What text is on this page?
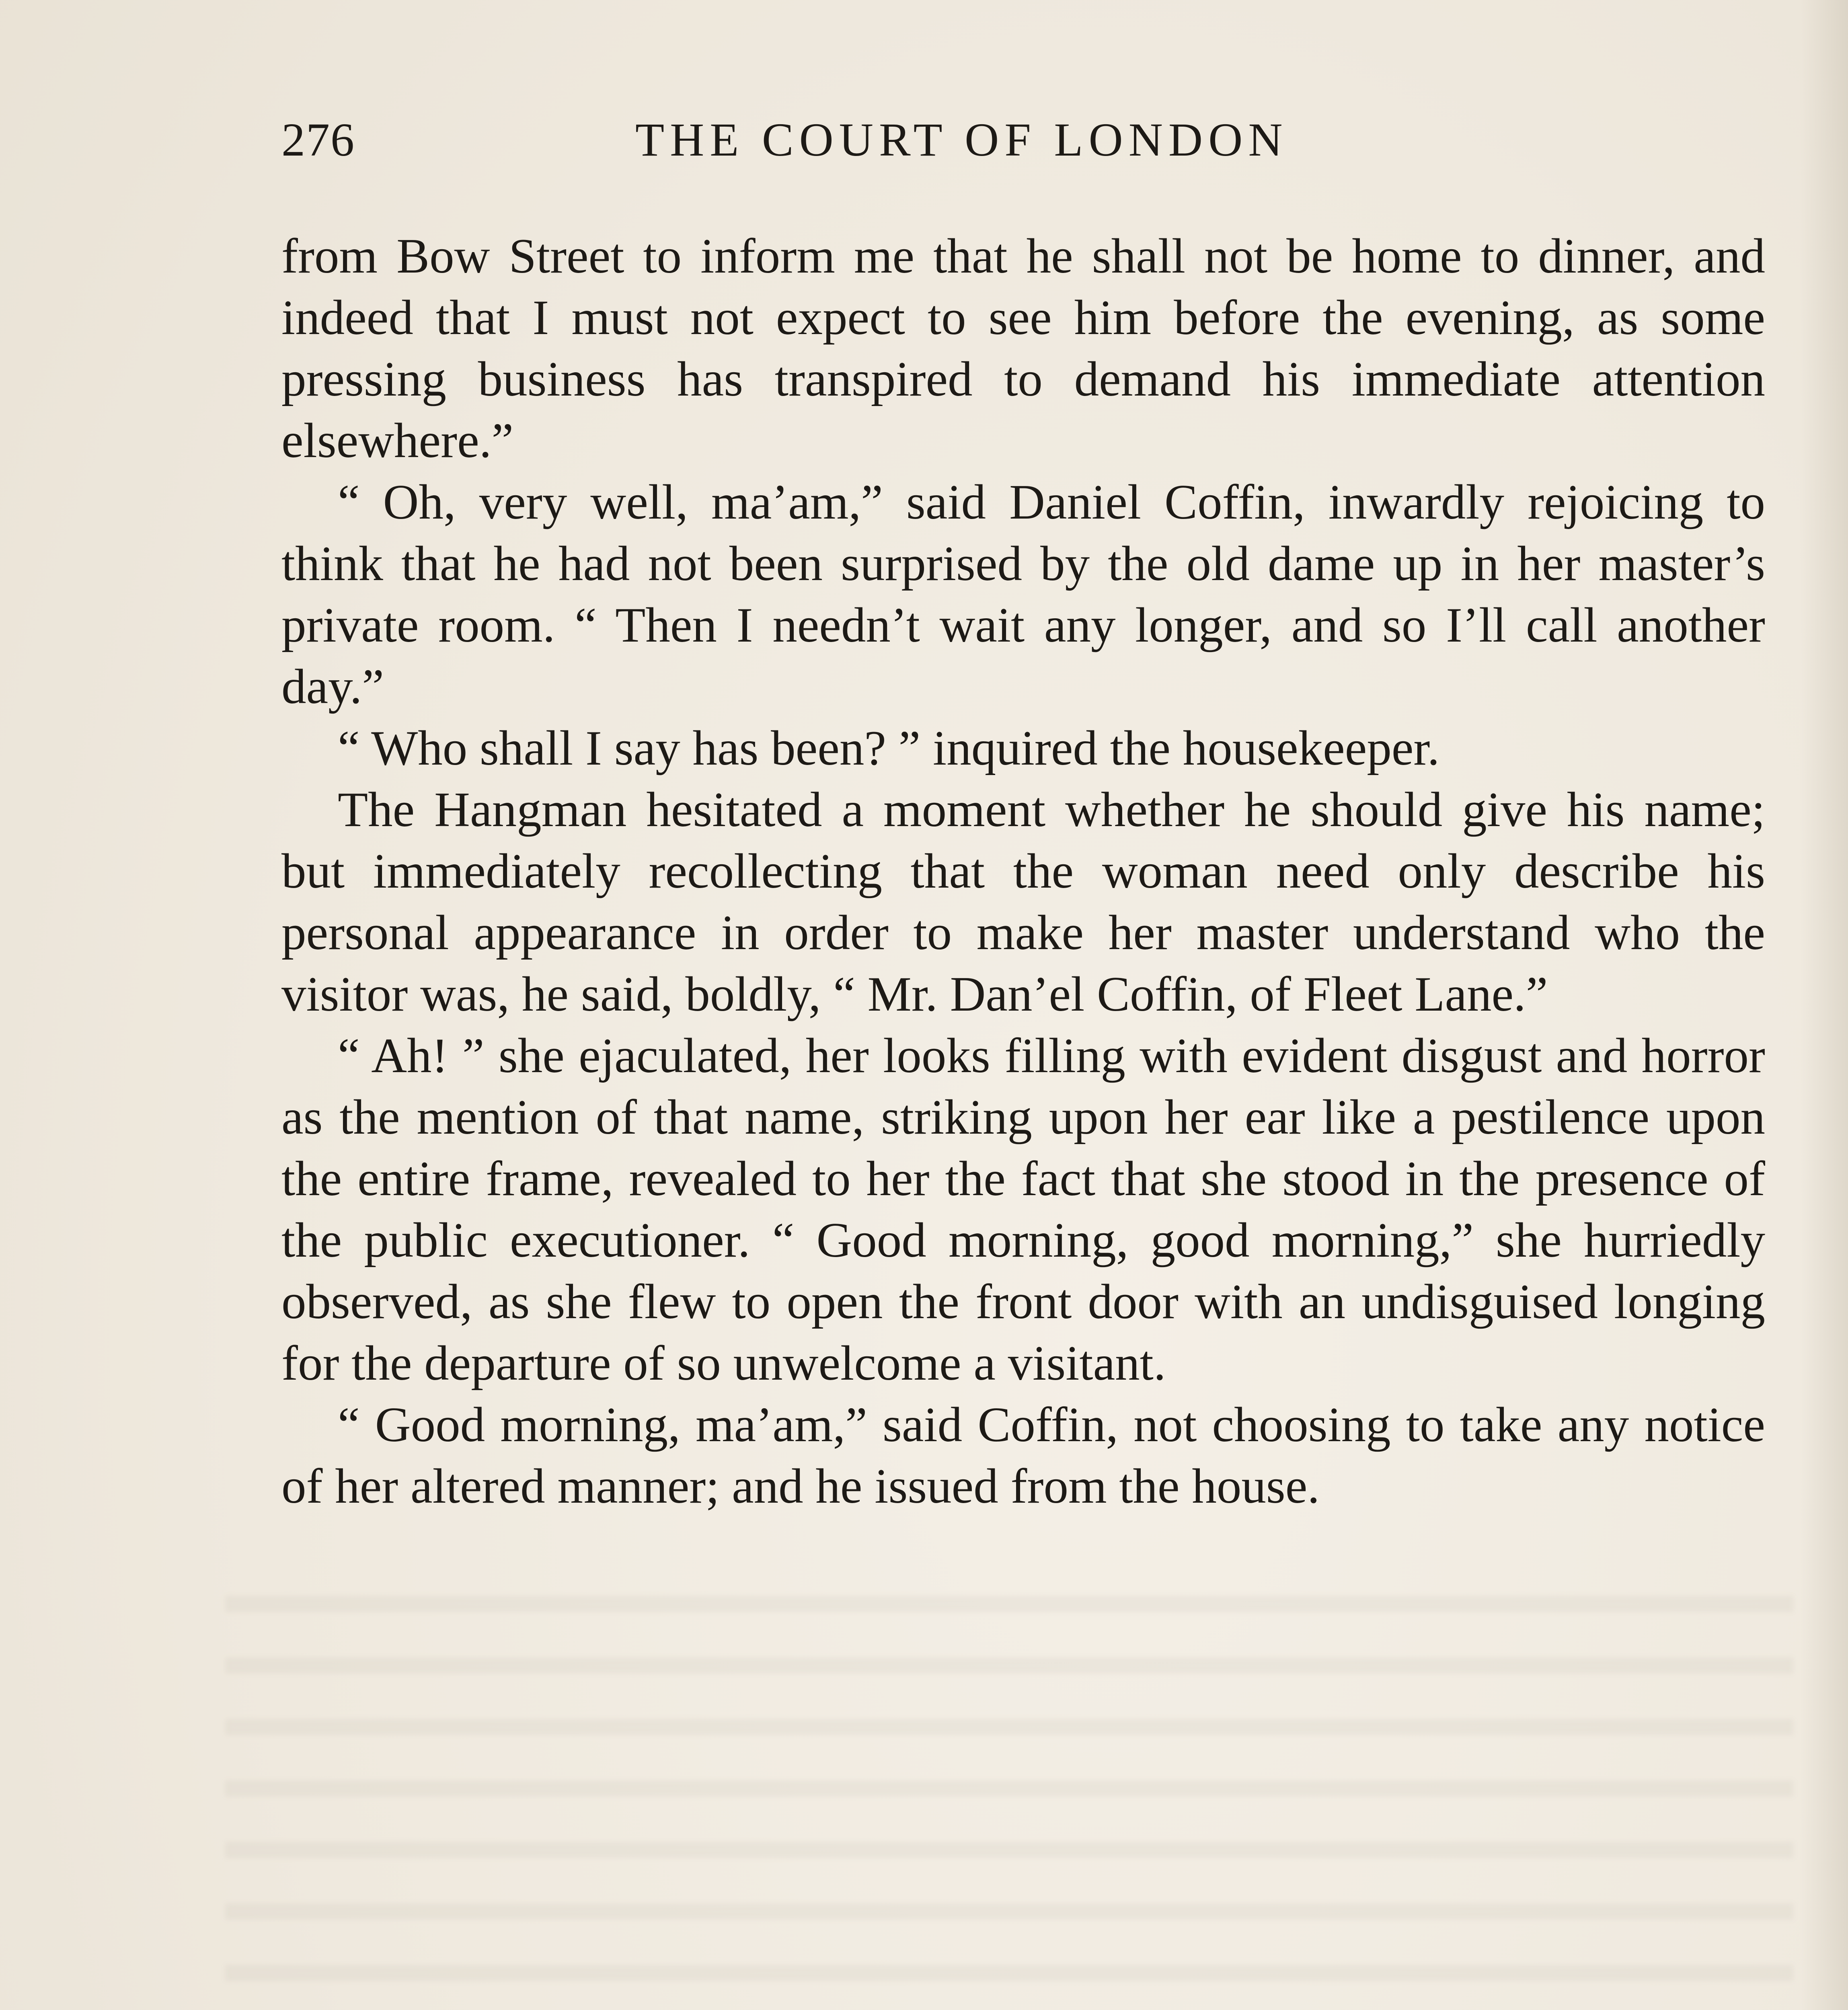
276	THE COURT OF LONDON

from Bow Street to inform me that he shall not be home to dinner, and indeed that I must not expect to see him before the evening, as some pressing business has transpired to demand his immediate attention elsewhere.”

“ Oh, very well, ma’am,” said Daniel Coffin, inwardly rejoicing to think that he had not been surprised by the old dame up in her master’s private room. “ Then I needn’t wait any longer, and so I’ll call another day.”

“ Who shall I say has been? ” inquired the housekeeper.

The Hangman hesitated a moment whether he should give his name; but immediately recollecting that the woman need only describe his personal appearance in order to make her master understand who the visitor was, he said, boldly, “ Mr. Dan’el Coffin, of Fleet Lane.”

“ Ah! ” she ejaculated, her looks filling with evident disgust and horror as the mention of that name, striking upon her ear like a pestilence upon the entire frame, revealed to her the fact that she stood in the presence of the public executioner. “ Good morning, good morning,” she hurriedly observed, as she flew to open the front door with an undisguised longing for the departure of so unwelcome a visitant.

“ Good morning, ma’am,” said Coffin, not choosing to take any notice of her altered manner; and he issued from the house.
